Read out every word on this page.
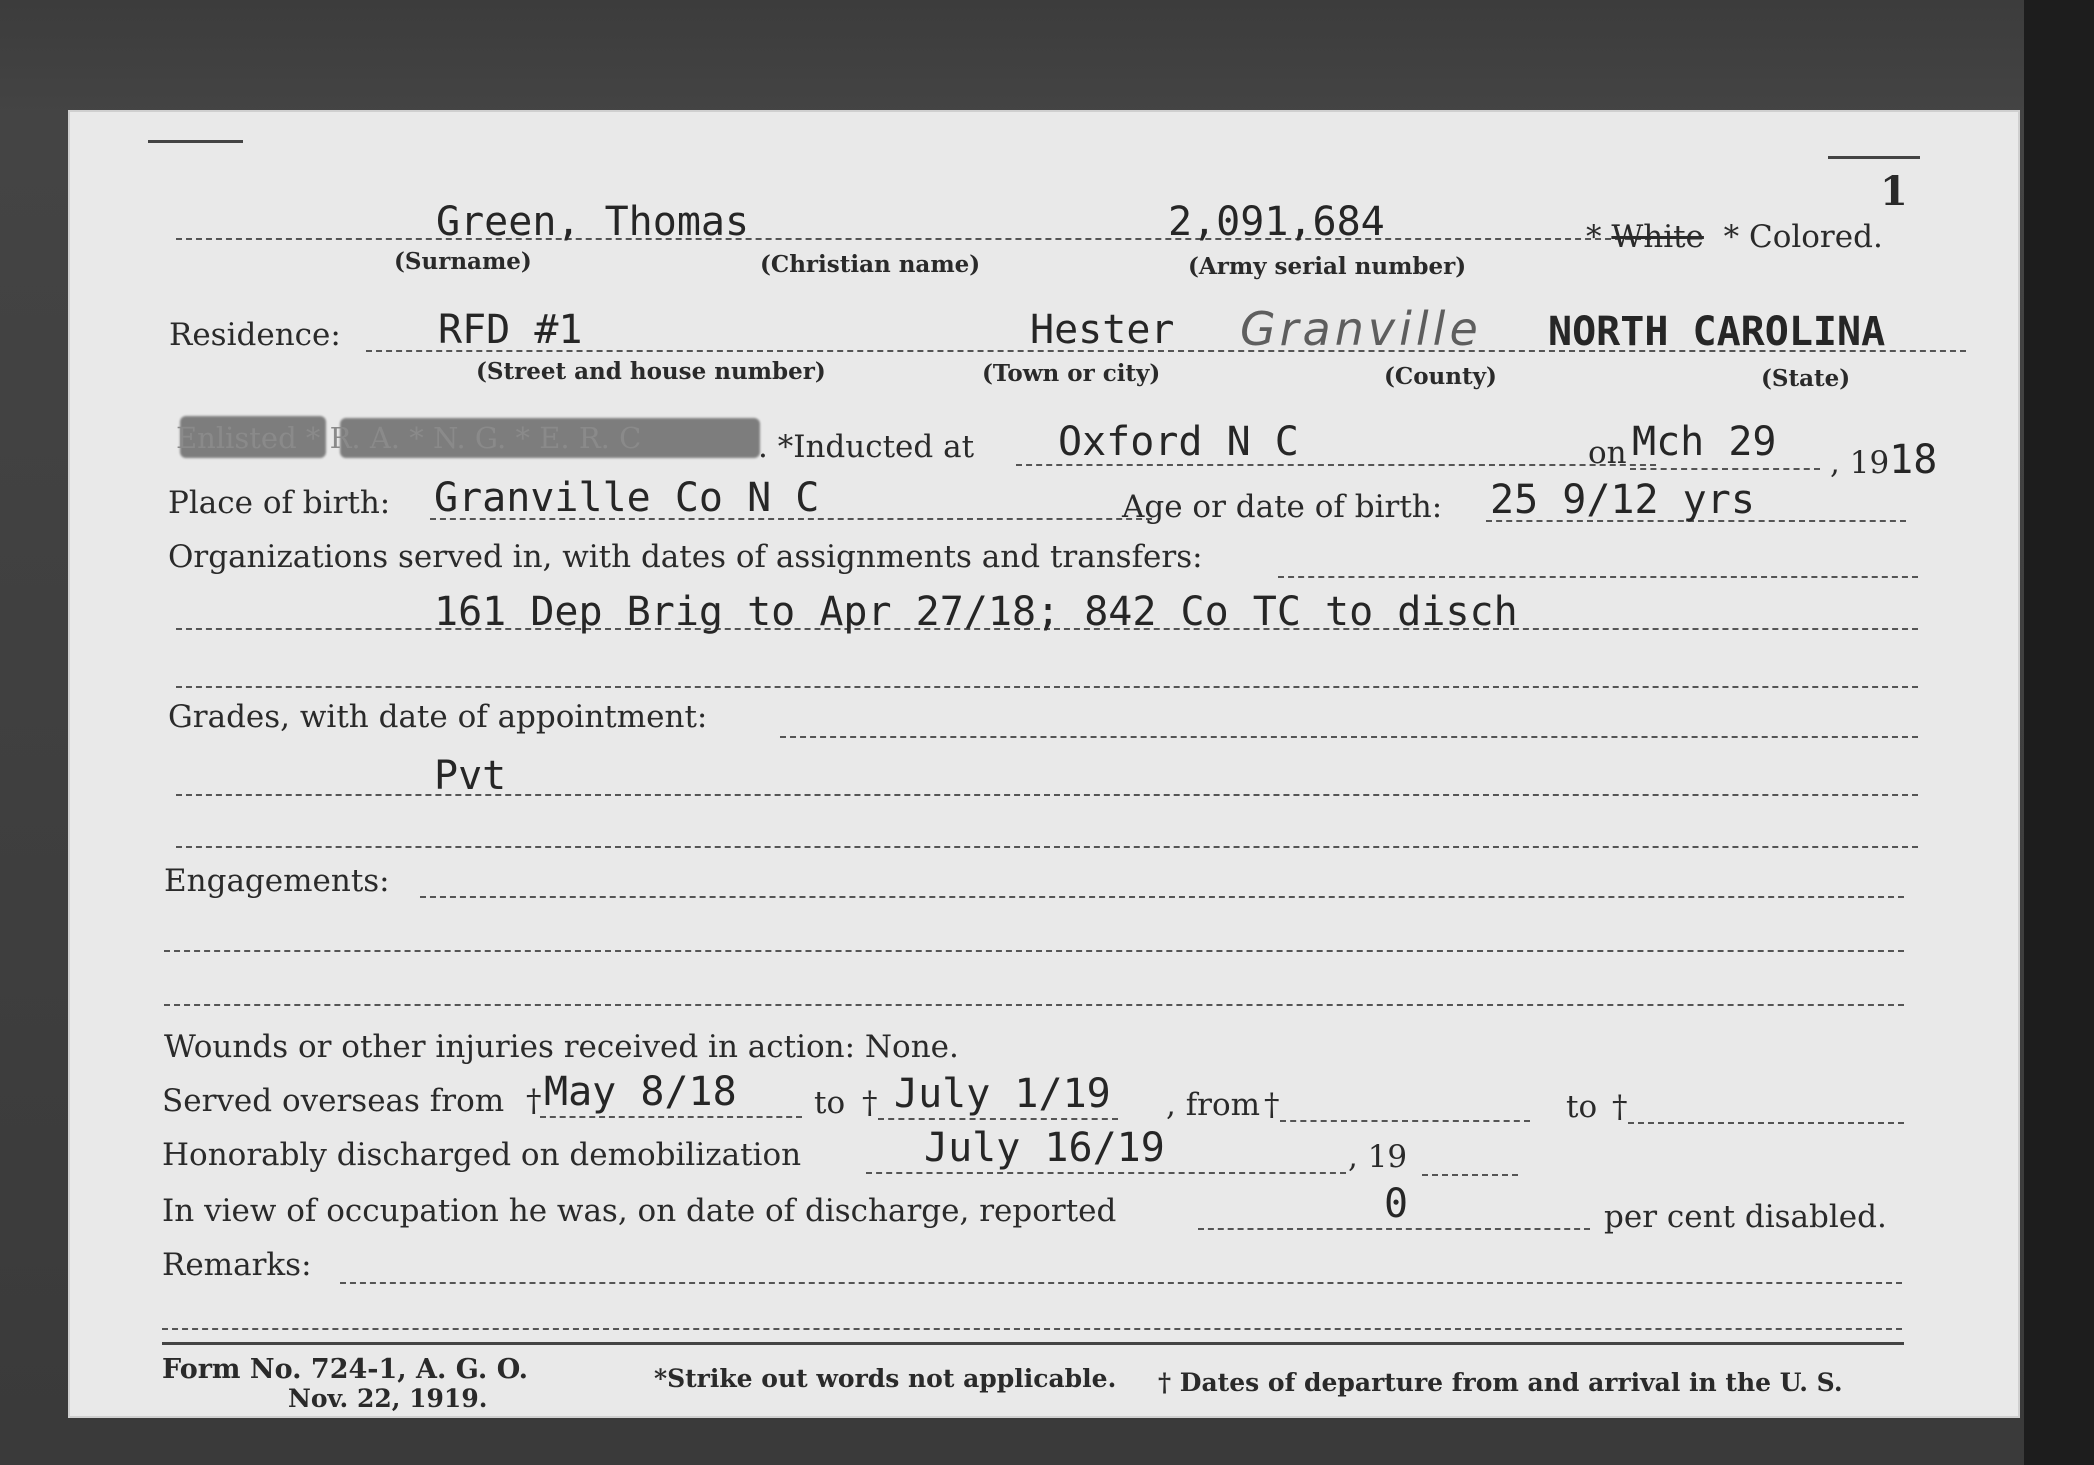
1
Green, Thomas	2,091,684	* White  * Colored.
(Surname)	(Christian name)	(Army serial number)
Residence: RFD #1	Hester Granville NORTH CAROLINA
(Street and house number)	(Town or city)	(County)	(State)
Enlisted * R. A. * N. G. * E. R. C	. *Inducted at Oxford N C	on Mch 29 , 1918
Place of birth: Granville Co N C	Age or date of birth: 25 9/12 yrs
Organizations served in, with dates of assignments and transfers:
161 Dep Brig to Apr 27/18; 842 Co TC to disch
Grades, with date of appointment:
Pvt
Engagements:
Wounds or other injuries received in action: None.
Served overseas from † May 8/18 to † July 1/19 , from †	to †
Honorably discharged on demobilization	July 16/19	, 19
In view of occupation he was, on date of discharge, reported	0	per cent disabled.
Remarks:
Form No. 724-1, A. G. O.
Nov. 22, 1919.
*Strike out words not applicable. † Dates of departure from and arrival in the U. S.
